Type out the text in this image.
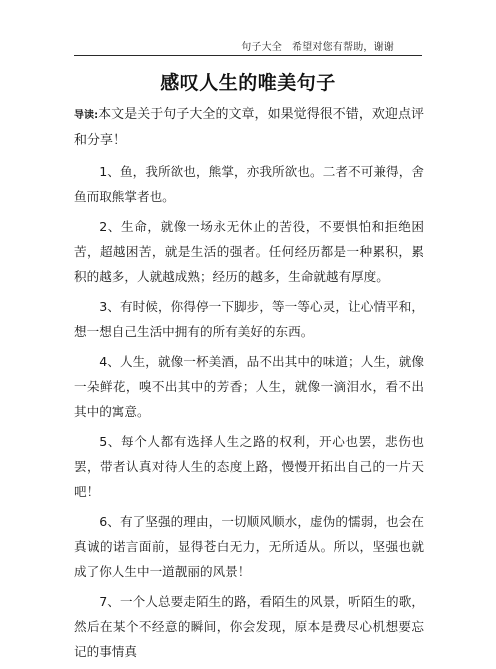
句子大全 希望对您有帮助，谢谢
感叹人生的唯美句子

导读:本文是关于句子大全的文章，如果觉得很不错，欢迎点评和分享！

1、鱼，我所欲也，熊掌，亦我所欲也。二者不可兼得，舍鱼而取熊掌者也。

2、生命，就像一场永无休止的苦役，不要惧怕和拒绝困苦，超越困苦，就是生活的强者。任何经历都是一种累积，累积的越多，人就越成熟；经历的越多，生命就越有厚度。

3、有时候，你得停一下脚步，等一等心灵，让心情平和，想一想自己生活中拥有的所有美好的东西。

4、人生，就像一杯美酒，品不出其中的味道；人生，就像一朵鲜花，嗅不出其中的芳香；人生，就像一滴泪水，看不出其中的寓意。

5、每个人都有选择人生之路的权利，开心也罢，悲伤也罢，带者认真对待人生的态度上路，慢慢开拓出自己的一片天吧！

6、有了坚强的理由，一切顺风顺水，虚伪的懦弱，也会在真诚的诺言面前，显得苍白无力，无所适从。所以，坚强也就成了你人生中一道靓丽的风景！

7、一个人总要走陌生的路，看陌生的风景，听陌生的歌，然后在某个不经意的瞬间，你会发现，原本是费尽心机想要忘记的事情真
